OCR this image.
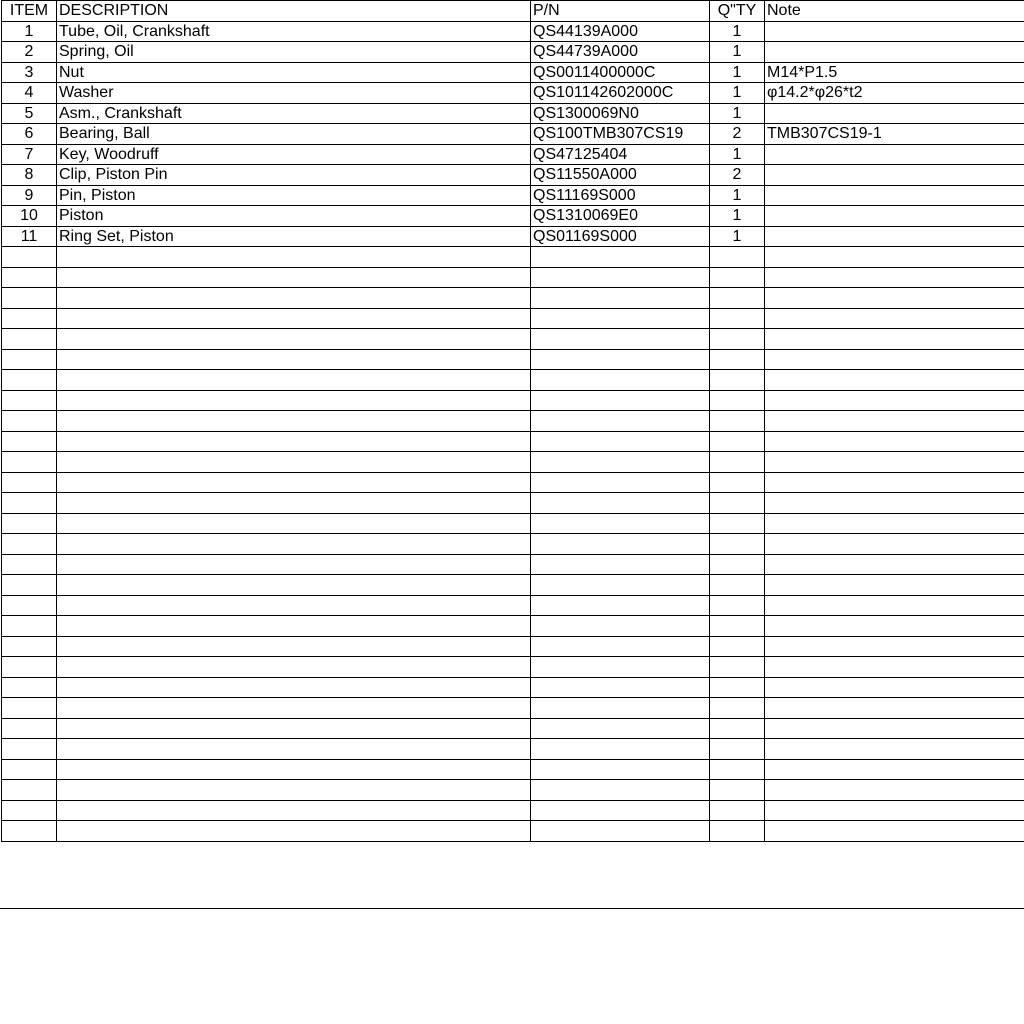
ITEM	DESCRIPTION	P/N	Q"TY	Note
1	Tube, Oil, Crankshaft	QS44139A000	1	
2	Spring, Oil	QS44739A000	1	
3	Nut	QS0011400000C	1	M14*P1.5
4	Washer	QS101142602000C	1	φ14.2*φ26*t2
5	Asm., Crankshaft	QS1300069N0	1	
6	Bearing, Ball	QS100TMB307CS19	2	TMB307CS19-1
7	Key, Woodruff	QS47125404	1	
8	Clip, Piston Pin	QS11550A000	2	
9	Pin, Piston	QS11169S000	1	
10	Piston	QS1310069E0	1	
11	Ring Set, Piston	QS01169S000	1	
